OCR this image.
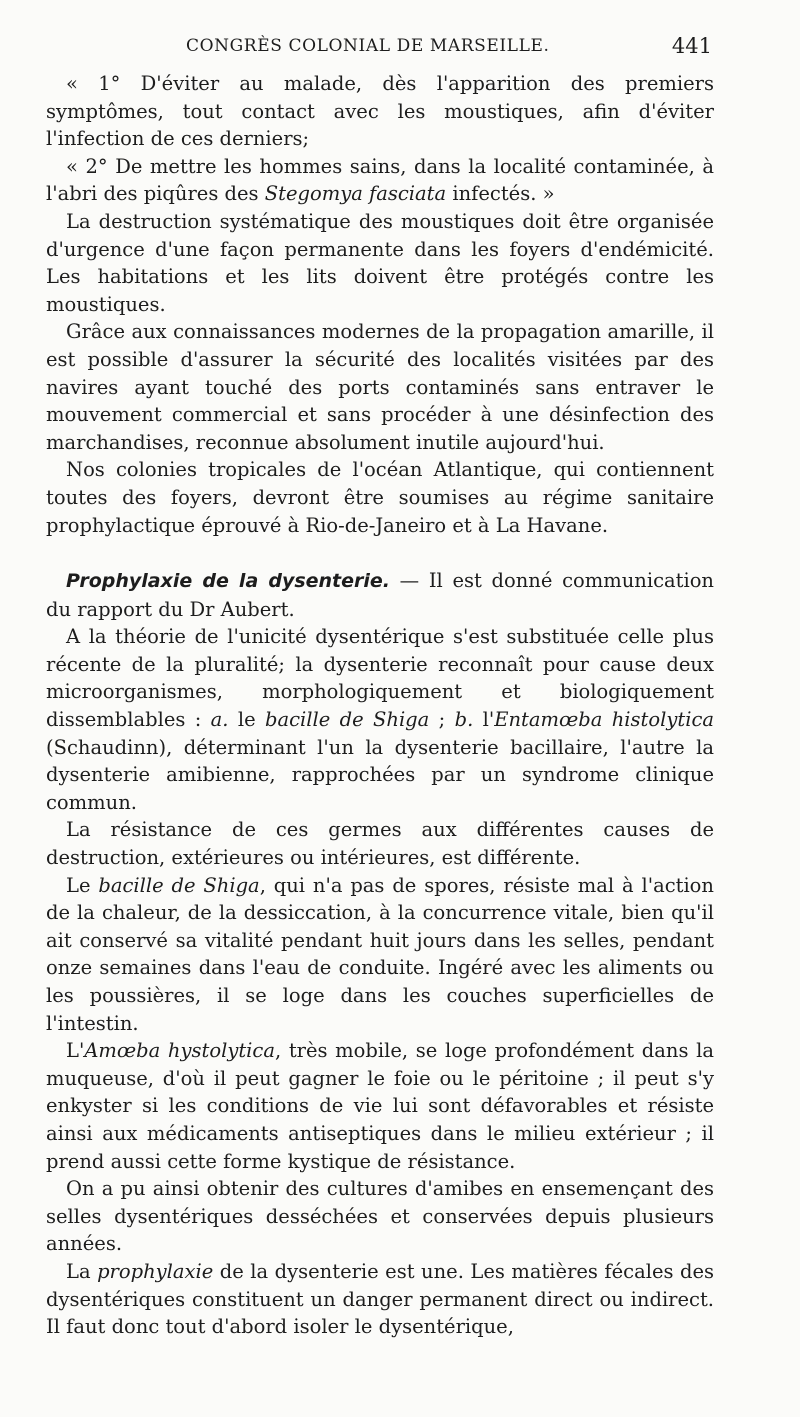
CONGRÈS COLONIAL DE MARSEILLE.	441

« 1° D'éviter au malade, dès l'apparition des premiers symptômes, tout contact avec les moustiques, afin d'éviter l'infection de ces derniers;

« 2° De mettre les hommes sains, dans la localité contaminée, à l'abri des piqûres des Stegomya fasciata infectés. »

La destruction systématique des moustiques doit être organisée d'urgence d'une façon permanente dans les foyers d'endémicité. Les habitations et les lits doivent être protégés contre les moustiques.

Grâce aux connaissances modernes de la propagation amarille, il est possible d'assurer la sécurité des localités visitées par des navires ayant touché des ports contaminés sans entraver le mouvement commercial et sans procéder à une désinfection des marchandises, reconnue absolument inutile aujourd'hui.

Nos colonies tropicales de l'océan Atlantique, qui contiennent toutes des foyers, devront être soumises au régime sanitaire prophylactique éprouvé à Rio-de-Janeiro et à La Havane.

Prophylaxie de la dysenterie. — Il est donné communication du rapport du Dr Aubert.

A la théorie de l'unicité dysentérique s'est substituée celle plus récente de la pluralité; la dysenterie reconnaît pour cause deux microorganismes, morphologiquement et biologiquement dissemblables : a. le bacille de Shiga ; b. l'Entamœba histolytica (Schaudinn), déterminant l'un la dysenterie bacillaire, l'autre la dysenterie amibienne, rapprochées par un syndrome clinique commun.

La résistance de ces germes aux différentes causes de destruction, extérieures ou intérieures, est différente.

Le bacille de Shiga, qui n'a pas de spores, résiste mal à l'action de la chaleur, de la dessiccation, à la concurrence vitale, bien qu'il ait conservé sa vitalité pendant huit jours dans les selles, pendant onze semaines dans l'eau de conduite. Ingéré avec les aliments ou les poussières, il se loge dans les couches superficielles de l'intestin.

L'Amœba hystolytica, très mobile, se loge profondément dans la muqueuse, d'où il peut gagner le foie ou le péritoine ; il peut s'y enkyster si les conditions de vie lui sont défavorables et résiste ainsi aux médicaments antiseptiques dans le milieu extérieur ; il prend aussi cette forme kystique de résistance.

On a pu ainsi obtenir des cultures d'amibes en ensemençant des selles dysentériques desséchées et conservées depuis plusieurs années.

La prophylaxie de la dysenterie est une. Les matières fécales des dysentériques constituent un danger permanent direct ou indirect. Il faut donc tout d'abord isoler le dysentérique,
